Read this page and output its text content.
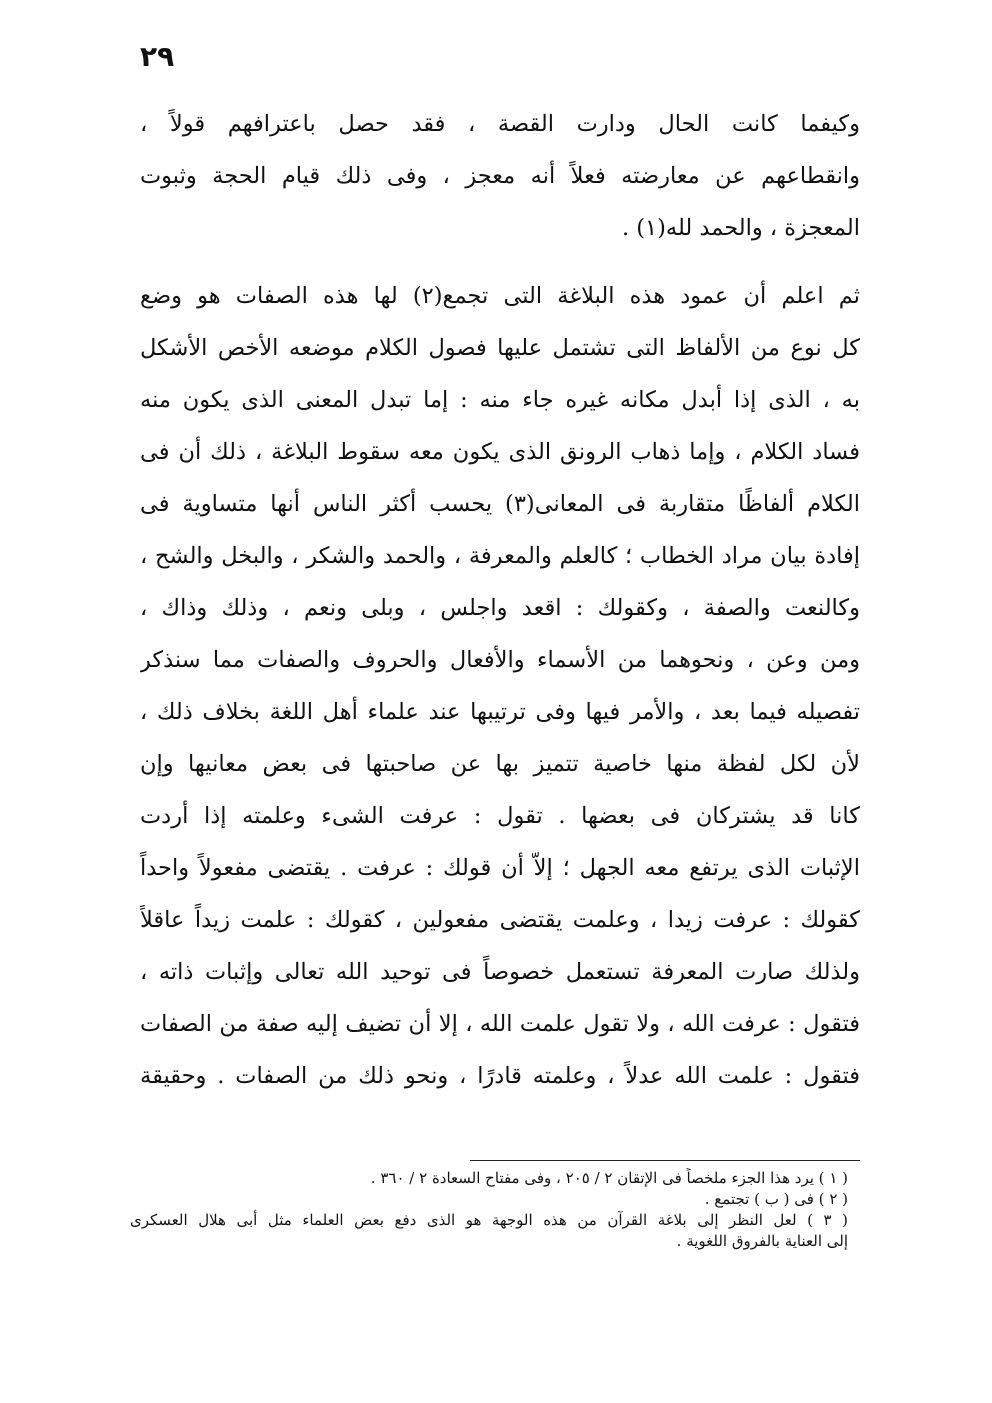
٢٩
وكيفما كانت الحال ودارت القصة ، فقد حصل باعترافهم قولاً ،
وانقطاعهم عن معارضته فعلاً أنه معجز ، وفى ذلك قيام الحجة وثبوت
المعجزة ، والحمد لله(١) .
ثم اعلم أن عمود هذه البلاغة التى تجمع(٢) لها هذه الصفات هو وضع
كل نوع من الألفاظ التى تشتمل عليها فصول الكلام موضعه الأخص الأشكل
به ، الذى إذا أبدل مكانه غيره جاء منه : إما تبدل المعنى الذى يكون منه
فساد الكلام ، وإما ذهاب الرونق الذى يكون معه سقوط البلاغة ، ذلك أن فى
الكلام ألفاظًا متقاربة فى المعانى(٣) يحسب أكثر الناس أنها متساوية فى
إفادة بيان مراد الخطاب ؛ كالعلم والمعرفة ، والحمد والشكر ، والبخل والشح ،
وكالنعت والصفة ، وكقولك : اقعد واجلس ، وبلى ونعم ، وذلك وذاك ،
ومن وعن ، ونحوهما من الأسماء والأفعال والحروف والصفات مما سنذكر
تفصيله فيما بعد ، والأمر فيها وفى ترتيبها عند علماء أهل اللغة بخلاف ذلك ،
لأن لكل لفظة منها خاصية تتميز بها عن صاحبتها فى بعض معانيها وإن
كانا قد يشتركان فى بعضها . تقول : عرفت الشىء وعلمته إذا أردت
الإثبات الذى يرتفع معه الجهل ؛ إلاّ أن قولك : عرفت . يقتضى مفعولاً واحداً
كقولك : عرفت زيدا ، وعلمت يقتضى مفعولين ، كقولك : علمت زيداً عاقلاً
ولذلك صارت المعرفة تستعمل خصوصاً فى توحيد الله تعالى وإثبات ذاته ،
فتقول : عرفت الله ، ولا تقول علمت الله ، إلا أن تضيف إليه صفة من الصفات
فتقول : علمت الله عدلاً ، وعلمته قادرًا ، ونحو ذلك من الصفات . وحقيقة
( ١ ) يرد هذا الجزء ملخصاً فى الإتقان ٢ / ٢٠٥ ، وفى مفتاح السعادة ٢ / ٣٦٠ .
( ٢ ) فى ( ب ) تجتمع .
( ٣ ) لعل النظر إلى بلاغة القرآن من هذه الوجهة هو الذى دفع بعض العلماء مثل أبى هلال العسكرى
إلى العناية بالفروق اللغوية .
